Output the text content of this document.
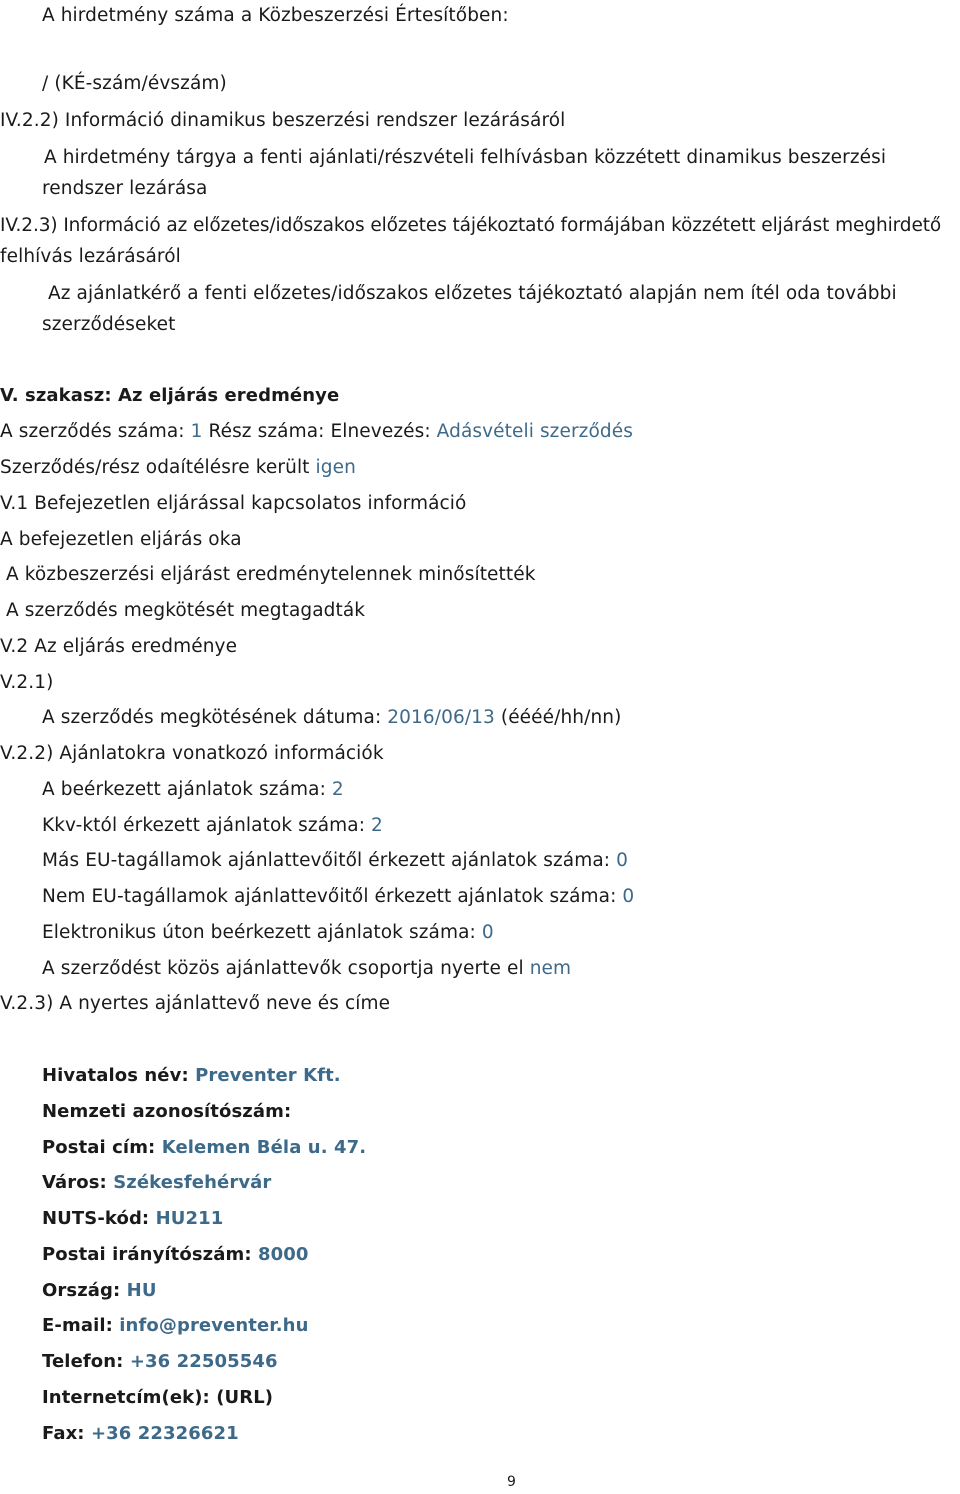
A hirdetmény száma a Közbeszerzési Értesítőben:
/ (KÉ-szám/évszám)
IV.2.2) Információ dinamikus beszerzési rendszer lezárásáról
A hirdetmény tárgya a fenti ajánlati/részvételi felhívásban közzétett dinamikus beszerzési
rendszer lezárása
IV.2.3) Információ az előzetes/időszakos előzetes tájékoztató formájában közzétett eljárást meghirdető
felhívás lezárásáról
Az ajánlatkérő a fenti előzetes/időszakos előzetes tájékoztató alapján nem ítél oda további
szerződéseket
V. szakasz: Az eljárás eredménye
A szerződés száma: 1 Rész száma: Elnevezés: Adásvételi szerződés
Szerződés/rész odaítélésre került igen
V.1 Befejezetlen eljárással kapcsolatos információ
A befejezetlen eljárás oka
A közbeszerzési eljárást eredménytelennek minősítették
A szerződés megkötését megtagadták
V.2 Az eljárás eredménye
V.2.1)
A szerződés megkötésének dátuma: 2016/06/13 (éééé/hh/nn)
V.2.2) Ajánlatokra vonatkozó információk
A beérkezett ajánlatok száma: 2
Kkv-któl érkezett ajánlatok száma: 2
Más EU-tagállamok ajánlattevőitől érkezett ajánlatok száma: 0
Nem EU-tagállamok ajánlattevőitől érkezett ajánlatok száma: 0
Elektronikus úton beérkezett ajánlatok száma: 0
A szerződést közös ajánlattevők csoportja nyerte el nem
V.2.3) A nyertes ajánlattevő neve és címe
Hivatalos név: Preventer Kft.
Nemzeti azonosítószám:
Postai cím: Kelemen Béla u. 47.
Város: Székesfehérvár
NUTS-kód: HU211
Postai irányítószám: 8000
Ország: HU
E-mail: info@preventer.hu
Telefon: +36 22505546
Internetcím(ek): (URL)
Fax: +36 22326621
9
